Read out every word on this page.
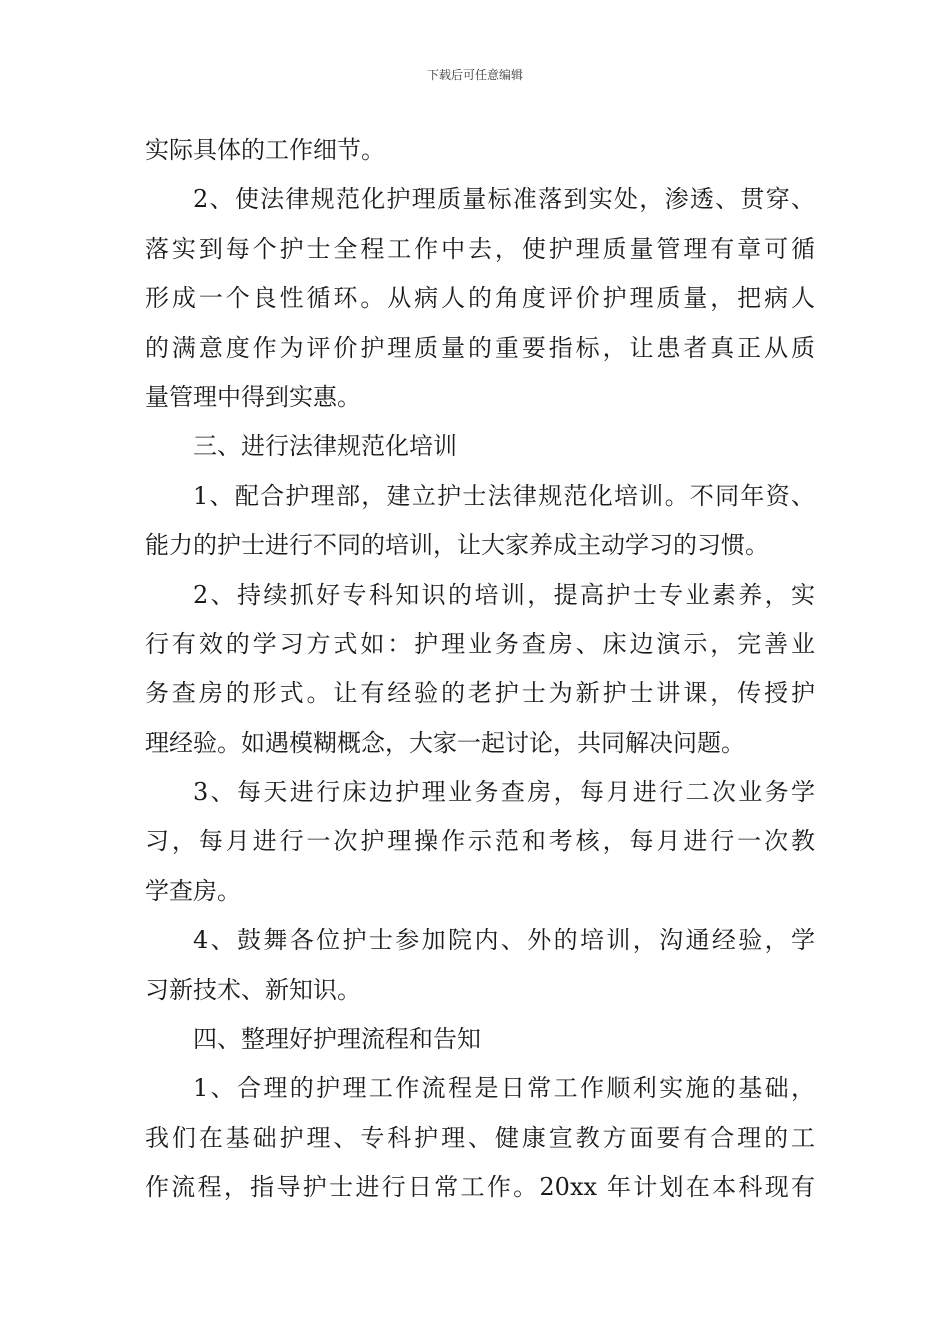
下载后可任意编辑
实际具体的工作细节。
2、使法律规范化护理质量标准落到实处，渗透、贯穿、
落实到每个护士全程工作中去，使护理质量管理有章可循
形成一个良性循环。从病人的角度评价护理质量，把病人
的满意度作为评价护理质量的重要指标，让患者真正从质
量管理中得到实惠。
三、进行法律规范化培训
1、配合护理部，建立护士法律规范化培训。不同年资、
能力的护士进行不同的培训，让大家养成主动学习的习惯。
2、持续抓好专科知识的培训，提高护士专业素养，实
行有效的学习方式如：护理业务查房、床边演示，完善业
务查房的形式。让有经验的老护士为新护士讲课，传授护
理经验。如遇模糊概念，大家一起讨论，共同解决问题。
3、每天进行床边护理业务查房，每月进行二次业务学
习，每月进行一次护理操作示范和考核，每月进行一次教
学查房。
4、鼓舞各位护士参加院内、外的培训，沟通经验，学
习新技术、新知识。
四、整理好护理流程和告知
1、合理的护理工作流程是日常工作顺利实施的基础，
我们在基础护理、专科护理、健康宣教方面要有合理的工
作流程，指导护士进行日常工作。20xx 年计划在本科现有
